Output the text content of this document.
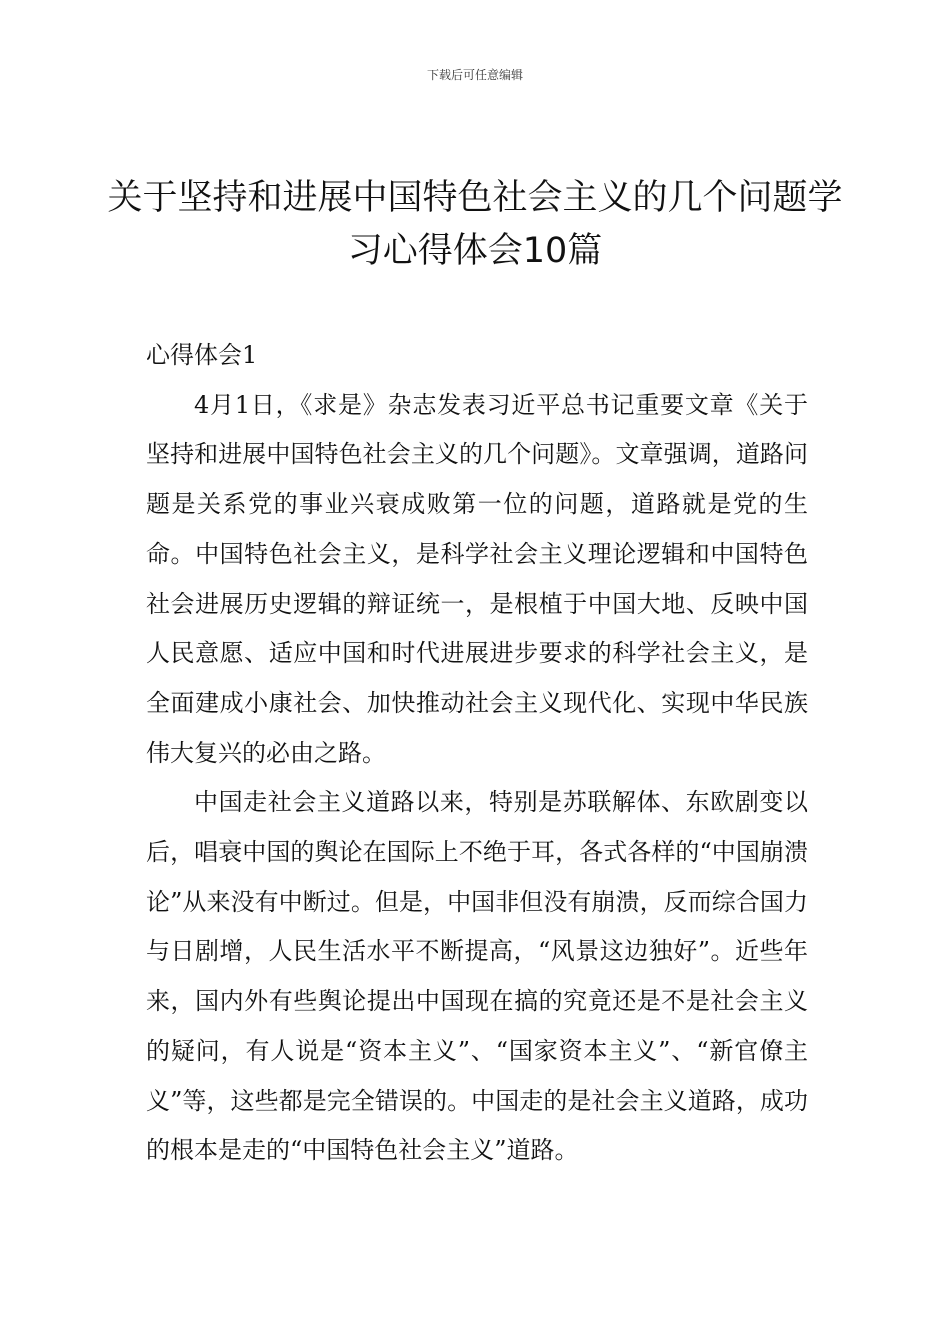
下载后可任意编辑
关于坚持和进展中国特色社会主义的几个问题学习心得体会10篇
心得体会1

4月1日，《求是》杂志发表习近平总书记重要文章《关于坚持和进展中国特色社会主义的几个问题》。文章强调，道路问题是关系党的事业兴衰成败第一位的问题，道路就是党的生命。中国特色社会主义，是科学社会主义理论逻辑和中国特色社会进展历史逻辑的辩证统一，是根植于中国大地、反映中国人民意愿、适应中国和时代进展进步要求的科学社会主义，是全面建成小康社会、加快推动社会主义现代化、实现中华民族伟大复兴的必由之路。

中国走社会主义道路以来，特别是苏联解体、东欧剧变以后，唱衰中国的舆论在国际上不绝于耳，各式各样的“中国崩溃论”从来没有中断过。但是，中国非但没有崩溃，反而综合国力与日剧增，人民生活水平不断提高，“风景这边独好”。近些年来，国内外有些舆论提出中国现在搞的究竟还是不是社会主义的疑问，有人说是“资本主义”、“国家资本主义”、“新官僚主义”等，这些都是完全错误的。中国走的是社会主义道路，成功的根本是走的“中国特色社会主义”道路。
